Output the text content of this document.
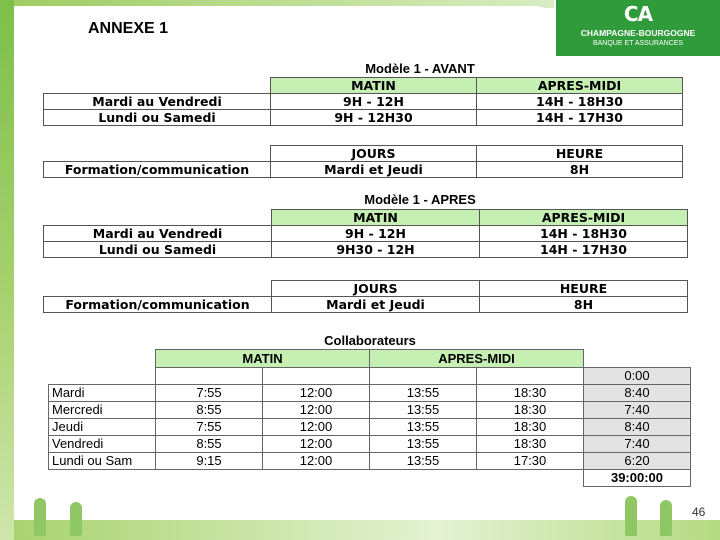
CA
CHAMPAGNE-BOURGOGNE
BANQUE ET ASSURANCES
ANNEXE 1
Modèle 1 - AVANT
	MATIN	APRES-MIDI
Mardi au Vendredi	9H - 12H	14H - 18H30
Lundi ou Samedi	9H - 12H30	14H - 17H30
	JOURS	HEURE
Formation/communication	Mardi et Jeudi	8H
Modèle 1 - APRES
	MATIN	APRES-MIDI
Mardi au Vendredi	9H - 12H	14H - 18H30
Lundi ou Samedi	9H30 - 12H	14H - 17H30
	JOURS	HEURE
Formation/communication	Mardi et Jeudi	8H
Collaborateurs
	MATIN		APRES-MIDI		
					0:00
Mardi	7:55	12:00	13:55	18:30	8:40
Mercredi	8:55	12:00	13:55	18:30	7:40
Jeudi	7:55	12:00	13:55	18:30	8:40
Vendredi	8:55	12:00	13:55	18:30	7:40
Lundi ou Sam	9:15	12:00	13:55	17:30	6:20
					39:00:00
46
